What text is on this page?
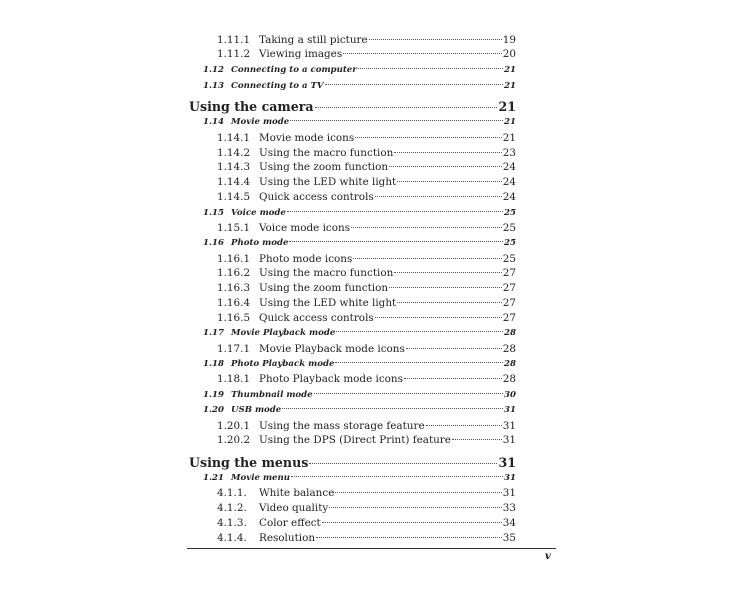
1.11.1 Taking a still picture	19
1.11.2 Viewing images	20
1.12 Connecting to a computer	21
1.13 Connecting to a TV	21
Using the camera	21
1.14 Movie mode	21
1.14.1 Movie mode icons	21
1.14.2 Using the macro function	23
1.14.3 Using the zoom function	24
1.14.4 Using the LED white light	24
1.14.5 Quick access controls	24
1.15 Voice mode	25
1.15.1 Voice mode icons	25
1.16 Photo mode	25
1.16.1 Photo mode icons	25
1.16.2 Using the macro function	27
1.16.3 Using the zoom function	27
1.16.4 Using the LED white light	27
1.16.5 Quick access controls	27
1.17 Movie Playback mode	28
1.17.1 Movie Playback mode icons	28
1.18 Photo Playback mode	28
1.18.1 Photo Playback mode icons	28
1.19 Thumbnail mode	30
1.20 USB mode	31
1.20.1 Using the mass storage feature	31
1.20.2 Using the DPS (Direct Print) feature	31
Using the menus	31
1.21 Movie menu	31
4.1.1.	White balance	31
4.1.2.	Video quality	33
4.1.3.	Color effect	34
4.1.4.	Resolution	35
v
